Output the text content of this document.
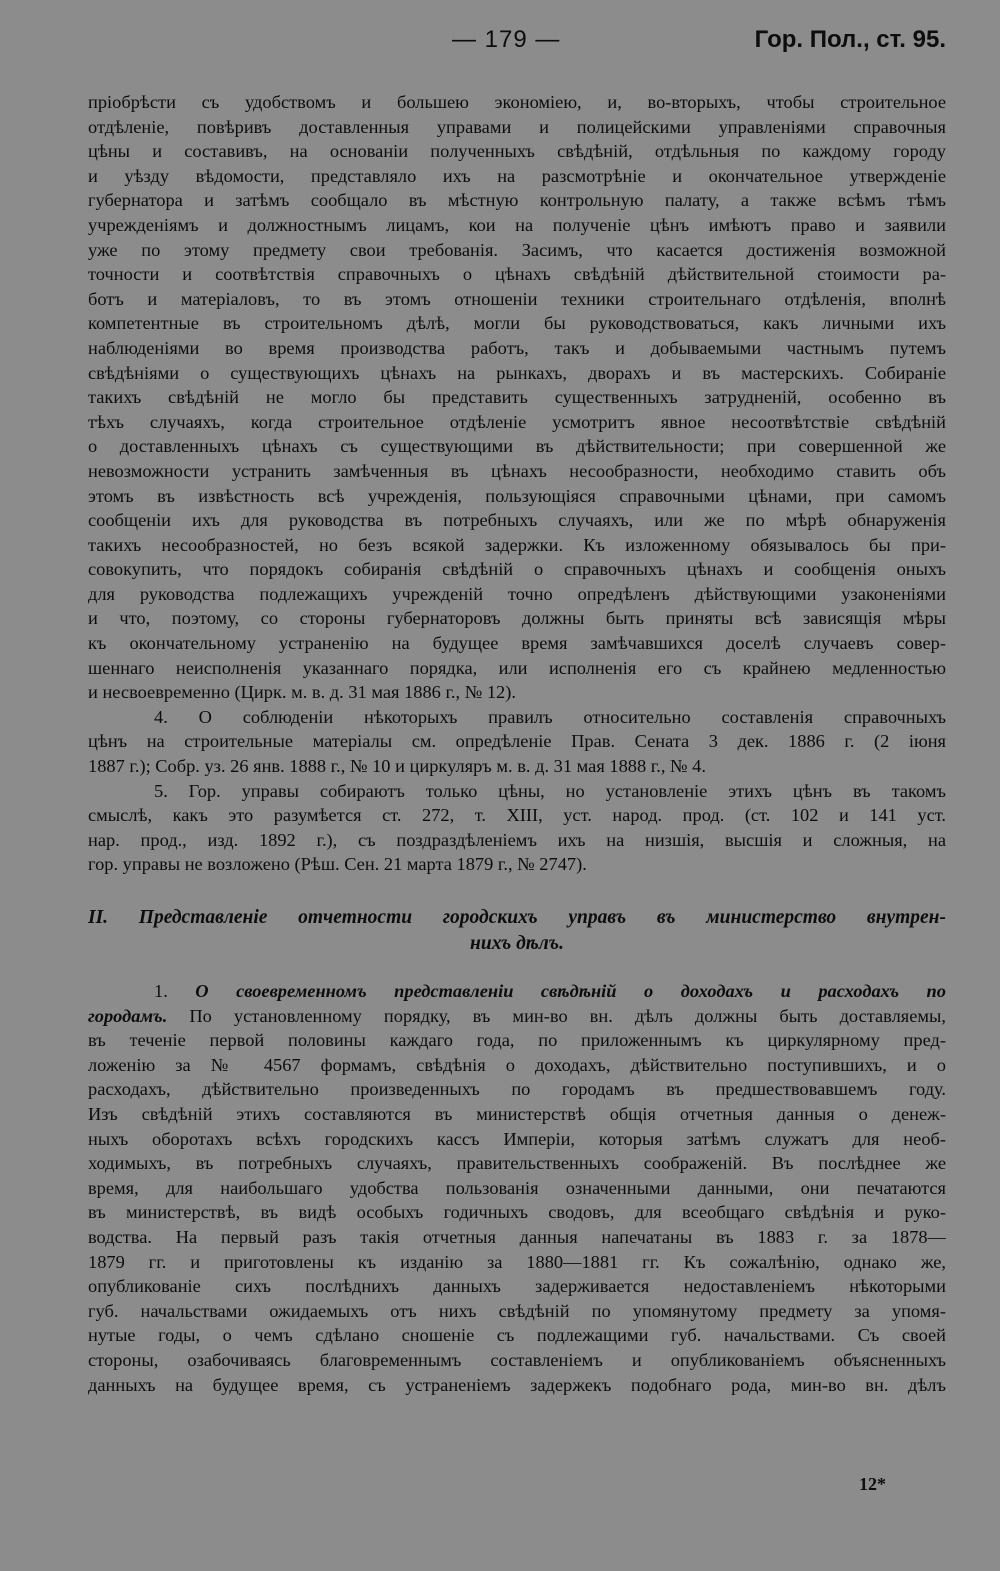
— 179 —	Гор. Пол., ст. 95.
пріобрѣсти съ удобствомъ и большею экономіею, и, во-вторыхъ, чтобы строительное
отдѣленіе, повѣривъ доставленныя управами и полицейскими управленіями справочныя
цѣны и составивъ, на основаніи полученныхъ свѣдѣній, отдѣльныя по каждому городу
и уѣзду вѣдомости, представляло ихъ на разсмотрѣніе и окончательное утвержденіе
губернатора и затѣмъ сообщало въ мѣстную контрольную палату, а также всѣмъ тѣмъ
учрежденіямъ и должностнымъ лицамъ, кои на полученіе цѣнъ имѣютъ право и заявили
уже по этому предмету свои требованія. Засимъ, что касается достиженія возможной
точности и соотвѣтствія справочныхъ о цѣнахъ свѣдѣній дѣйствительной стоимости ра-
ботъ и матеріаловъ, то въ этомъ отношеніи техники строительнаго отдѣленія, вполнѣ
компетентные въ строительномъ дѣлѣ, могли бы руководствоваться, какъ личными ихъ
наблюденіями во время производства работъ, такъ и добываемыми частнымъ путемъ
свѣдѣніями о существующихъ цѣнахъ на рынкахъ, дворахъ и въ мастерскихъ. Собираніе
такихъ свѣдѣній не могло бы представить существенныхъ затрудненій, особенно въ
тѣхъ случаяхъ, когда строительное отдѣленіе усмотритъ явное несоотвѣтствіе свѣдѣній
о доставленныхъ цѣнахъ съ существующими въ дѣйствительности; при совершенной же
невозможности устранить замѣченныя въ цѣнахъ несообразности, необходимо ставить объ
этомъ въ извѣстность всѣ учрежденія, пользующіяся справочными цѣнами, при самомъ
сообщеніи ихъ для руководства въ потребныхъ случаяхъ, или же по мѣрѣ обнаруженія
такихъ несообразностей, но безъ всякой задержки. Къ изложенному обязывалось бы при-
совокупить, что порядокъ собиранія свѣдѣній о справочныхъ цѣнахъ и сообщенія оныхъ
для руководства подлежащихъ учрежденій точно опредѣленъ дѣйствующими узаконеніями
и что, поэтому, со стороны губернаторовъ должны быть приняты всѣ зависящія мѣры
къ окончательному устраненію на будущее время замѣчавшихся доселѣ случаевъ совер-
шеннаго неисполненія указаннаго порядка, или исполненія его съ крайнею медленностью
и несвоевременно (Цирк. м. в. д. 31 мая 1886 г., № 12).
4. О соблюденіи нѣкоторыхъ правилъ относительно составленія справочныхъ
цѣнъ на строительные матеріалы см. опредѣленіе Прав. Сената 3 дек. 1886 г. (2 іюня
1887 г.); Собр. уз. 26 янв. 1888 г., № 10 и циркуляръ м. в. д. 31 мая 1888 г., № 4.
5. Гор. управы собираютъ только цѣны, но установленіе этихъ цѣнъ въ такомъ
смыслѣ, какъ это разумѣется ст. 272, т. XIII, уст. народ. прод. (ст. 102 и 141 уст.
нар. прод., изд. 1892 г.), съ поздраздѣленіемъ ихъ на низшія, высшія и сложныя, на
гор. управы не возложено (Рѣш. Сен. 21 марта 1879 г., № 2747).
II. Представленіе отчетности городскихъ управъ въ министерство внутрен-
нихъ дѣлъ.
1. О своевременномъ представленіи свѣдѣній о доходахъ и расходахъ по
городамъ. По установленному порядку, въ мин-во вн. дѣлъ должны быть доставляемы,
въ теченіе первой половины каждаго года, по приложеннымъ къ циркулярному пред-
ложенію за № 4567 формамъ, свѣдѣнія о доходахъ, дѣйствительно поступившихъ, и о
расходахъ, дѣйствительно произведенныхъ по городамъ въ предшествовавшемъ году.
Изъ свѣдѣній этихъ составляются въ министерствѣ общія отчетныя данныя о денеж-
ныхъ оборотахъ всѣхъ городскихъ кассъ Имперіи, которыя затѣмъ служатъ для необ-
ходимыхъ, въ потребныхъ случаяхъ, правительственныхъ соображеній. Въ послѣднее же
время, для наибольшаго удобства пользованія означенными данными, они печатаются
въ министерствѣ, въ видѣ особыхъ годичныхъ сводовъ, для всеобщаго свѣдѣнія и руко-
водства. На первый разъ такія отчетныя данныя напечатаны въ 1883 г. за 1878—
1879 гг. и приготовлены къ изданію за 1880—1881 гг. Къ сожалѣнію, однако же,
опубликованіе сихъ послѣднихъ данныхъ задерживается недоставленіемъ нѣкоторыми
губ. начальствами ожидаемыхъ отъ нихъ свѣдѣній по упомянутому предмету за упомя-
нутые годы, о чемъ сдѣлано сношеніе съ подлежащими губ. начальствами. Съ своей
стороны, озабочиваясь благовременнымъ составленіемъ и опубликованіемъ объясненныхъ
данныхъ на будущее время, съ устраненіемъ задержекъ подобнаго рода, мин-во вн. дѣлъ
12*
